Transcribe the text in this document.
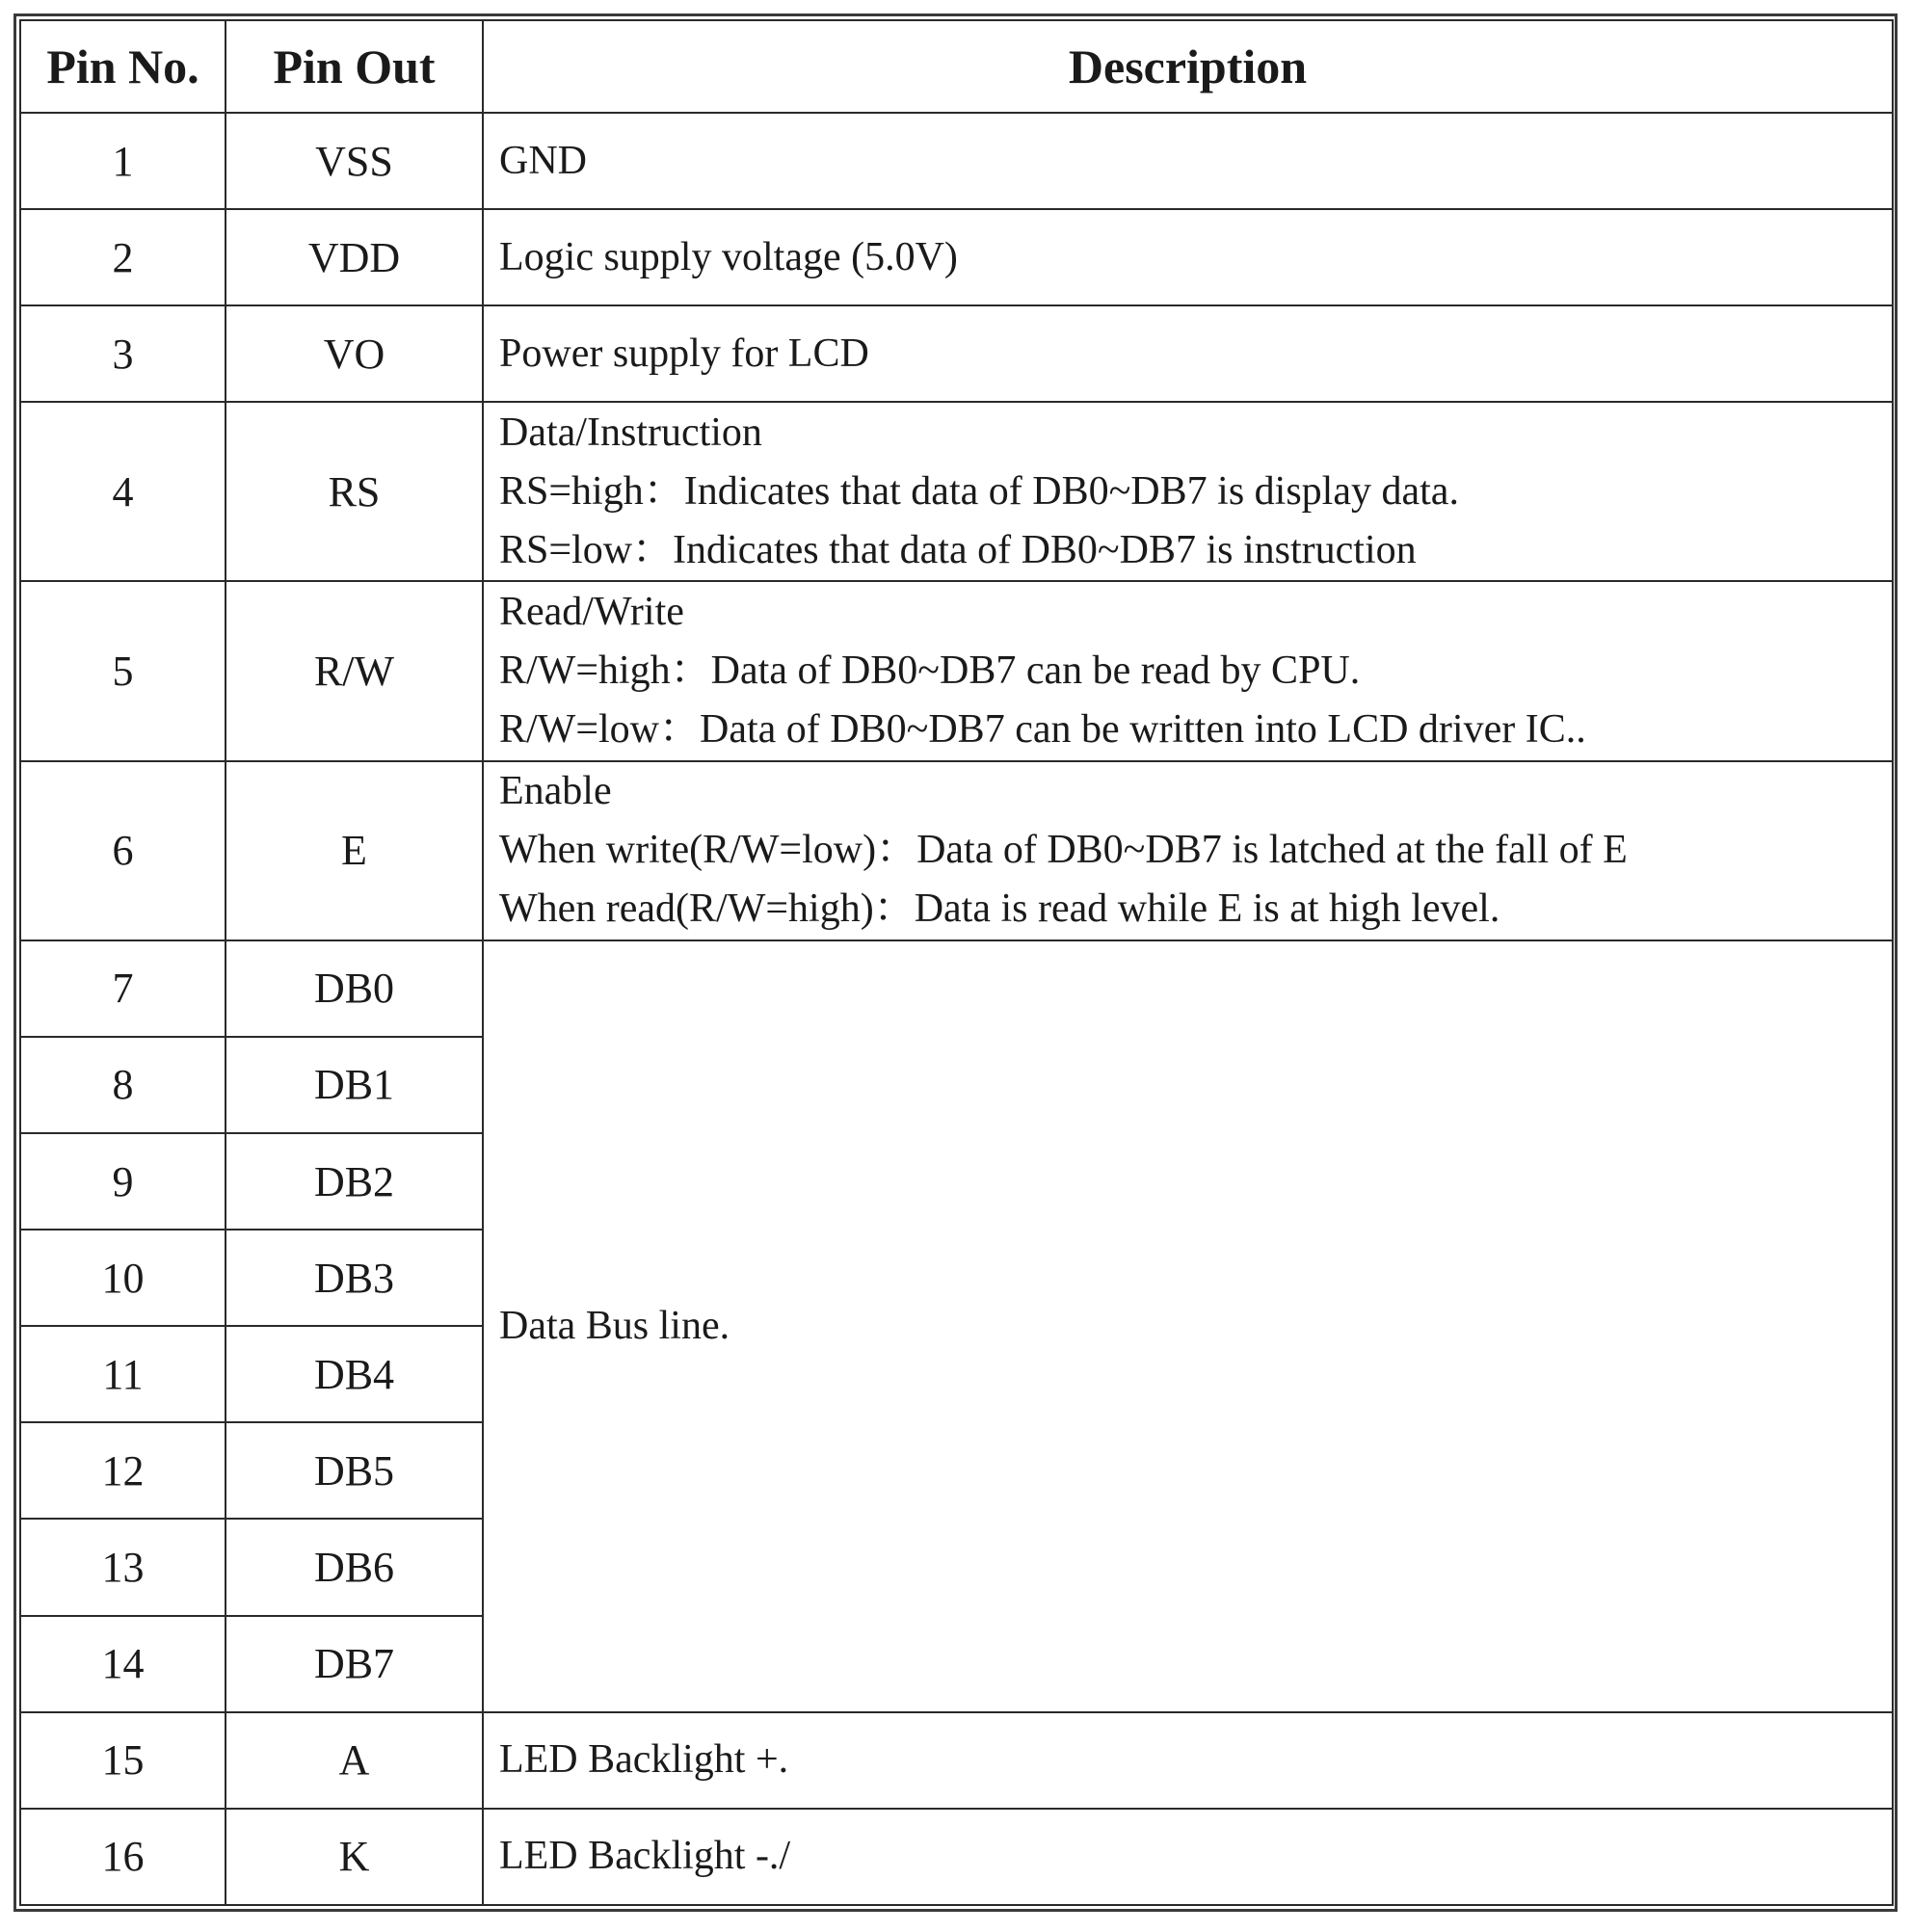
Pin No.	Pin Out	Description
1	VSS	GND

2	VDD	Logic supply voltage (5.0V)

3	VO	Power supply for LCD

4	RS	Data/Instruction
RS=high：Indicates that data of DB0~DB7 is display data.
RS=low：Indicates that data of DB0~DB7 is instruction

5	R/W	Read/Write
R/W=high：Data of DB0~DB7 can be read by CPU.
R/W=low：Data of DB0~DB7 can be written into LCD driver IC..

6	E	Enable
When write(R/W=low)：Data of DB0~DB7 is latched at the fall of E
When read(R/W=high)：Data is read while E is at high level.

7	DB0	Data Bus line.

8	DB1	
9	DB2	
10	DB3	
11	DB4	
12	DB5	
13	DB6	
14	DB7	
15	A	LED Backlight +.

16	K	LED Backlight -./
